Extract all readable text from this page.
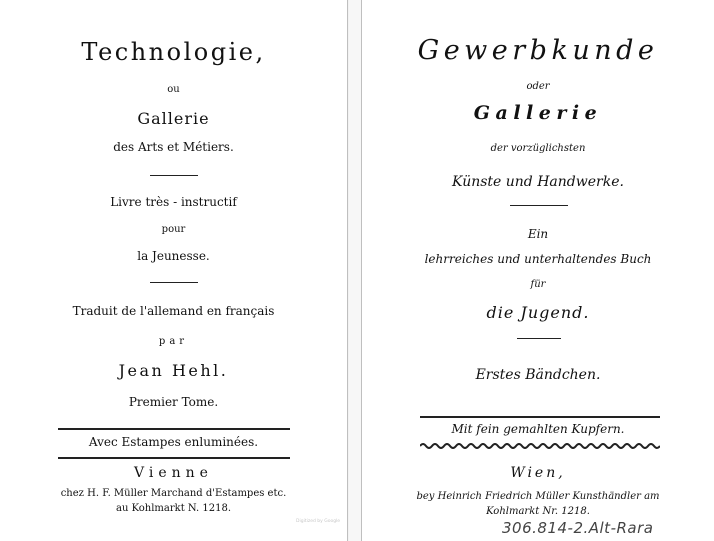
Technologie,
ou
Gallerie
des Arts et Métiers.
Livre très - instructif
pour
la Jeunesse.
Traduit de l'allemand en français
par
Jean Hehl.
Premier Tome.
Avec Estampes enluminées.
Vienne
chez H. F. Müller Marchand d'Estampes etc.
au Kohlmarkt N. 1218.
Digitized by Google
Gewerbkunde
oder
Gallerie
der vorzüglichsten
Künste und Handwerke.
Ein
lehrreiches und unterhaltendes Buch
für
die Jugend.
Erstes Bändchen.
Mit fein gemahlten Kupfern.
Wien,
bey Heinrich Friedrich Müller Kunsthändler am
Kohlmarkt Nr. 1218.
306.814-2.Alt-Rara
